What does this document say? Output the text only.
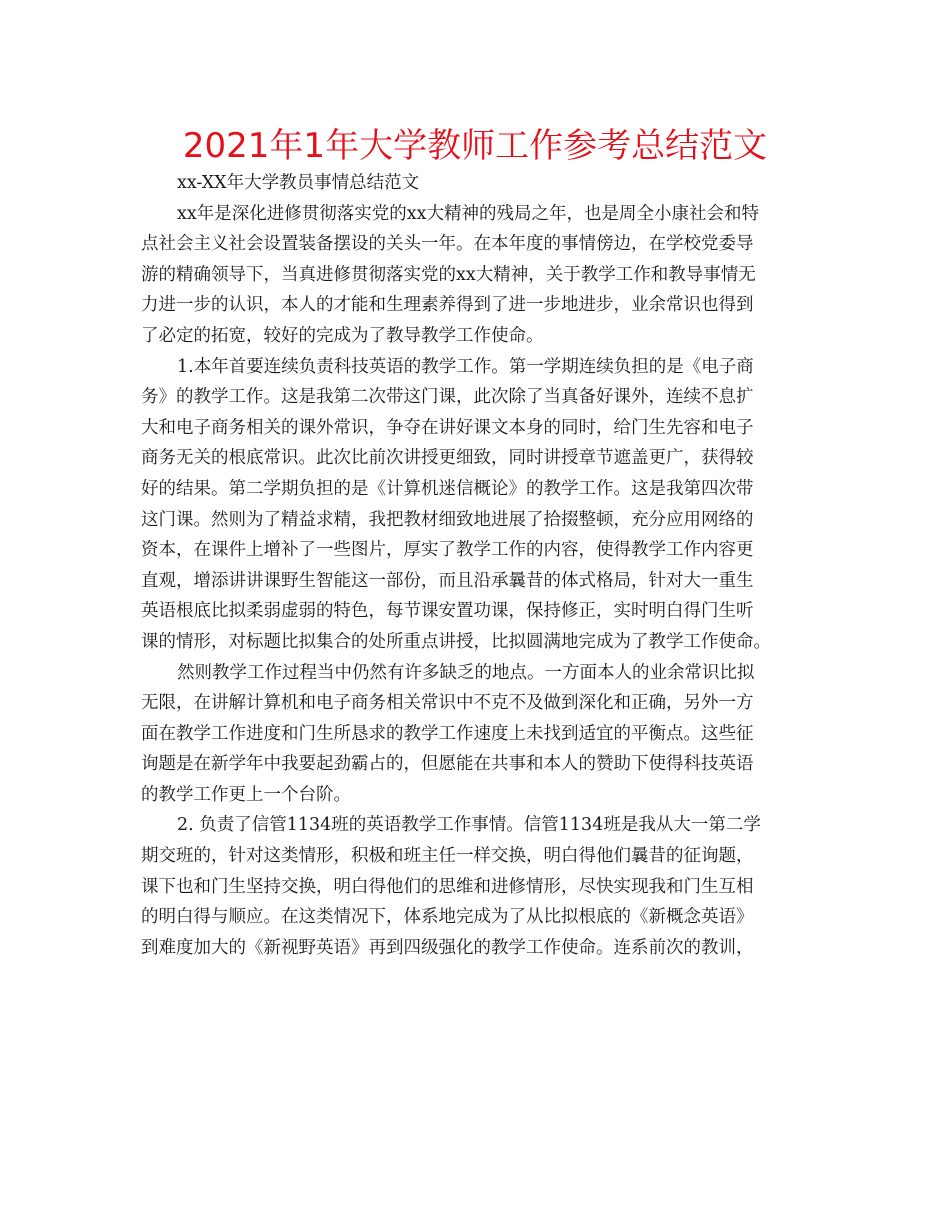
2021年1年大学教师工作参考总结范文
xx-XX年大学教员事情总结范文
xx年是深化进修贯彻落实党的xx大精神的残局之年，也是周全小康社会和特
点社会主义社会设置装备摆设的关头一年。在本年度的事情傍边，在学校党委导
游的精确领导下，当真进修贯彻落实党的xx大精神，关于教学工作和教导事情无
力进一步的认识，本人的才能和生理素养得到了进一步地进步，业余常识也得到
了必定的拓宽，较好的完成为了教导教学工作使命。
1.本年首要连续负责科技英语的教学工作。第一学期连续负担的是《电子商
务》的教学工作。这是我第二次带这门课，此次除了当真备好课外，连续不息扩
大和电子商务相关的课外常识，争夺在讲好课文本身的同时，给门生先容和电子
商务无关的根底常识。此次比前次讲授更细致，同时讲授章节遮盖更广，获得较
好的结果。第二学期负担的是《计算机迷信概论》的教学工作。这是我第四次带
这门课。然则为了精益求精，我把教材细致地进展了拾掇整顿，充分应用网络的
资本，在课件上增补了一些图片，厚实了教学工作的内容，使得教学工作内容更
直观，增添讲讲课野生智能这一部份，而且沿承曩昔的体式格局，针对大一重生
英语根底比拟柔弱虚弱的特色，每节课安置功课，保持修正，实时明白得门生听
课的情形，对标题比拟集合的处所重点讲授，比拟圆满地完成为了教学工作使命。
然则教学工作过程当中仍然有许多缺乏的地点。一方面本人的业余常识比拟
无限，在讲解计算机和电子商务相关常识中不克不及做到深化和正确，另外一方
面在教学工作进度和门生所恳求的教学工作速度上未找到适宜的平衡点。这些征
询题是在新学年中我要起劲霸占的，但愿能在共事和本人的赞助下使得科技英语
的教学工作更上一个台阶。
2. 负责了信管1134班的英语教学工作事情。信管1134班是我从大一第二学
期交班的，针对这类情形，积极和班主任一样交换，明白得他们曩昔的征询题，
课下也和门生坚持交换，明白得他们的思维和进修情形，尽快实现我和门生互相
的明白得与顺应。在这类情况下，体系地完成为了从比拟根底的《新概念英语》
到难度加大的《新视野英语》再到四级强化的教学工作使命。连系前次的教训，
